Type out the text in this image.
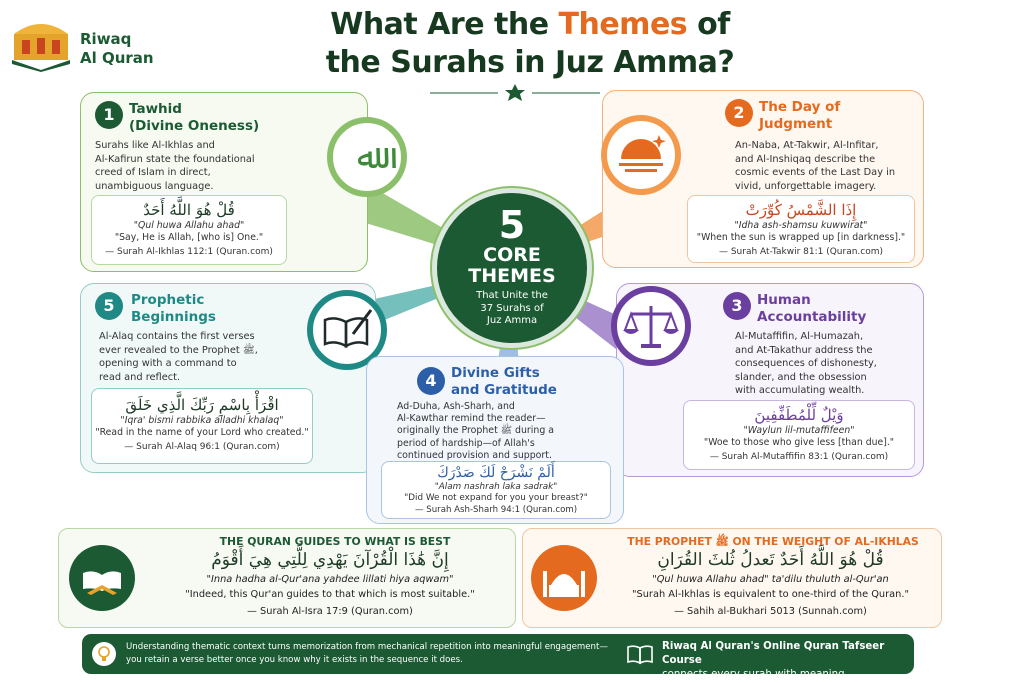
Riwaq
Al Quran
What Are the Themes of
the Surahs in Juz Amma?
1	Tawhid
(Divine Oneness)
Surahs like Al-Ikhlas and
Al-Kafirun state the foundational
creed of Islam in direct,
unambiguous language.
قُلْ هُوَ اللَّهُ أَحَدٌ
"Qul huwa Allahu ahad"
"Say, He is Allah, [who is] One."
— Surah Al-Ikhlas 112:1 (Quran.com)
ﷲ
2	The Day of
Judgment
An-Naba, At-Takwir, Al-Infitar,
and Al-Inshiqaq describe the
cosmic events of the Last Day in
vivid, unforgettable imagery.
إِذَا الشَّمْسُ كُوِّرَتْ
"Idha ash-shamsu kuwwirat"
"When the sun is wrapped up [in darkness]."
— Surah At-Takwir 81:1 (Quran.com)
5	Prophetic
Beginnings
Al-Alaq contains the first verses
ever revealed to the Prophet ﷺ,
opening with a command to
read and reflect.
اقْرَأْ بِاسْمِ رَبِّكَ الَّذِي خَلَقَ
"Iqra' bismi rabbika alladhi khalaq"
"Read in the name of your Lord who created."
— Surah Al-Alaq 96:1 (Quran.com)
3	Human
Accountability
Al-Mutaffifin, Al-Humazah,
and At-Takathur address the
consequences of dishonesty,
slander, and the obsession
with accumulating wealth.
وَيْلٌ لِّلْمُطَفِّفِينَ
"Waylun lil-mutaffifeen"
"Woe to those who give less [than due]."
— Surah Al-Mutaffifin 83:1 (Quran.com)
4	Divine Gifts
and Gratitude
Ad-Duha, Ash-Sharh, and
Al-Kawthar remind the reader—
originally the Prophet ﷺ during a
period of hardship—of Allah's
continued provision and support.
أَلَمْ نَشْرَحْ لَكَ صَدْرَكَ
"Alam nashrah laka sadrak"
"Did We not expand for you your breast?"
— Surah Ash-Sharh 94:1 (Quran.com)
5
CORE
THEMES
That Unite the
37 Surahs of
Juz Amma
THE QURAN GUIDES TO WHAT IS BEST
إِنَّ هَٰذَا الْقُرْآنَ يَهْدِي لِلَّتِي هِيَ أَقْوَمُ
"Inna hadha al-Qur'ana yahdee lillati hiya aqwam"
"Indeed, this Qur'an guides to that which is most suitable."
— Surah Al-Isra 17:9 (Quran.com)
THE PROPHET ﷺ ON THE WEIGHT OF AL-IKHLAS
قُلْ هُوَ اللَّهُ أَحَدٌ تَعدلُ ثُلثَ القُرَانِ
"Qul huwa Allahu ahad" ta'dilu thuluth al-Qur'an
"Surah Al-Ikhlas is equivalent to one-third of the Quran."
— Sahih al-Bukhari 5013 (Sunnah.com)
Understanding thematic context turns memorization from mechanical repetition into meaningful engagement—
you retain a verse better once you know why it exists in the sequence it does.
Riwaq Al Quran's Online Quran Tafseer Course
connects every surah with meaning.
